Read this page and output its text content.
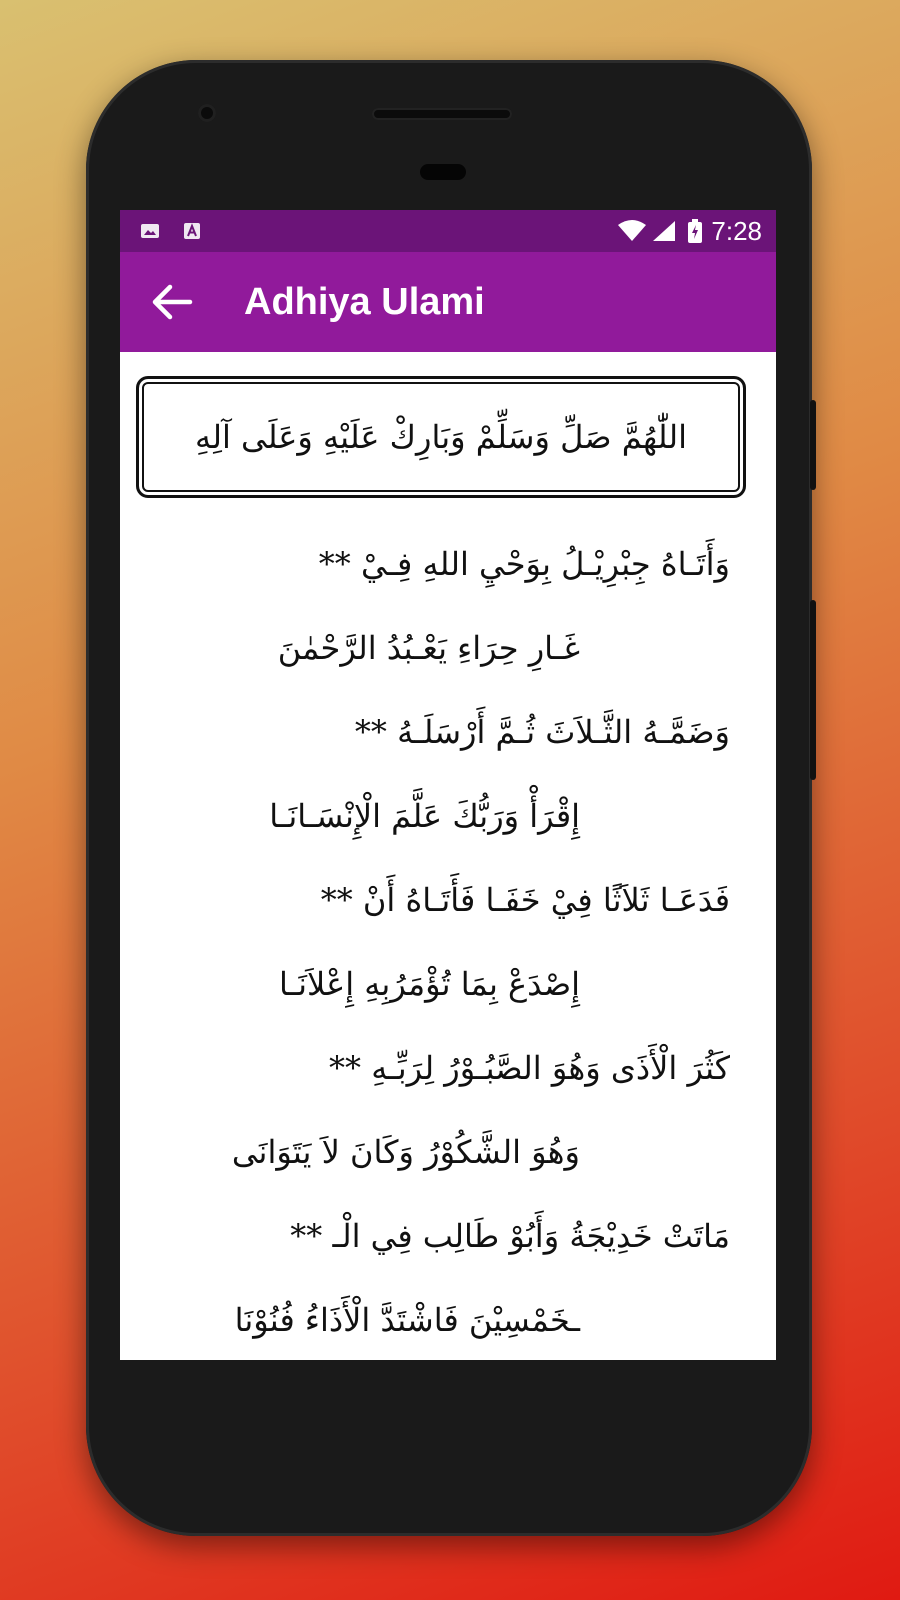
7:28
Adhiya Ulami
اللّٰهُمَّ صَلِّ وَسَلِّمْ وَبَارِكْ عَلَيْهِ وَعَلَى آلِهِ
وَأَتَـاهُ جِبْرِيْـلُ بِوَحْيِ اللهِ فِـيْ **
غَـارِ حِرَاءِ يَعْـبُدُ الرَّحْمٰنَ
وَضَمَّـهُ الثَّـلاَثَ ثُـمَّ أَرْسَلَـهُ **
إِقْرَأْ وَرَبُّكَ عَلَّمَ الْإِنْسَـانَـا
فَدَعَـا ثَلاَثًا فِيْ خَفَـا فَأَتَـاهُ أَنْ **
إِصْدَعْ بِمَا تُؤْمَرُبِهِ إِعْلاَنَـا
كَثُرَ الْأَذَى وَهُوَ الصَّبُـوْرُ لِرَبِّـهِ **
وَهُوَ الشَّكُوْرُ وَكَانَ لاَ يَتَوَانَى
مَاتَتْ خَدِيْجَةُ وَأَبُوْ طَالِب فِي الْـ **
ـخَمْسِيْنَ فَاشْتَدَّ الْأَذَاءُ فُنُوْنَا
